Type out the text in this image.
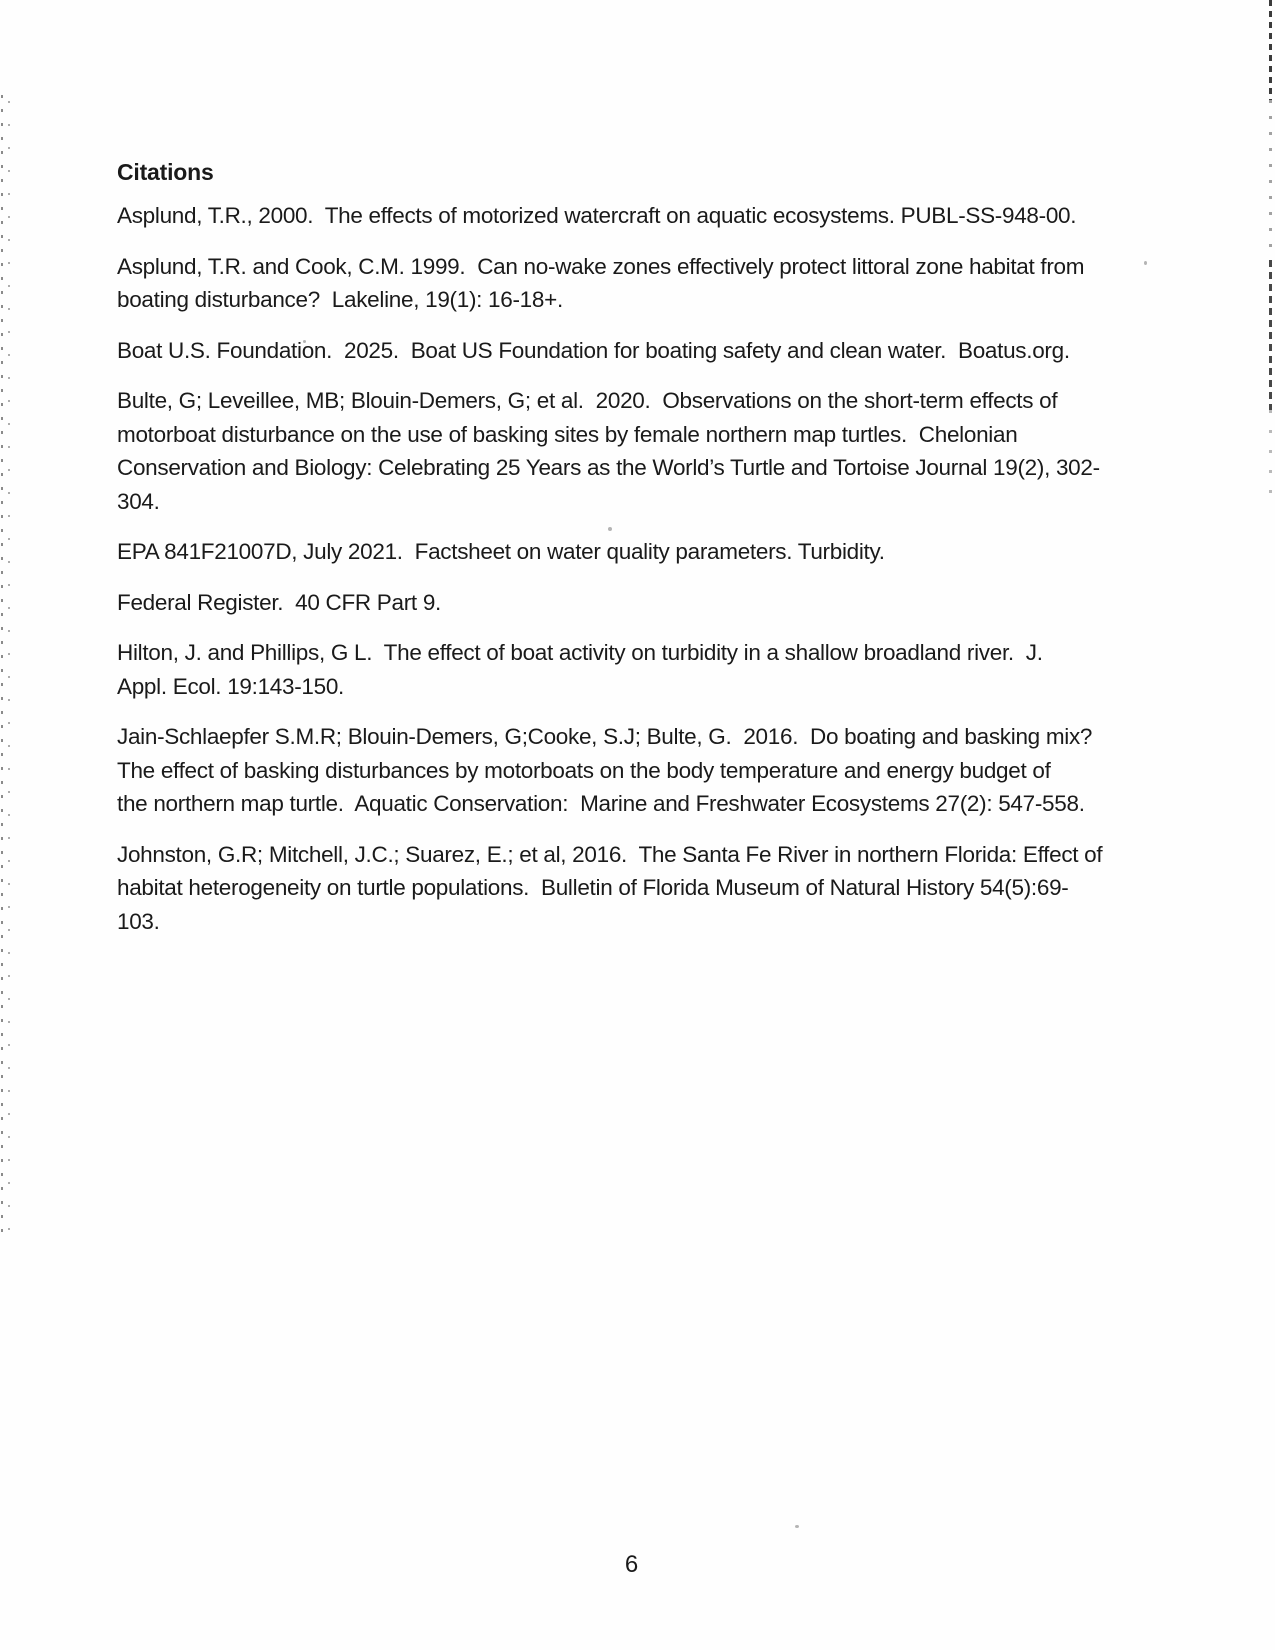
Citations
Asplund, T.R., 2000.  The effects of motorized watercraft on aquatic ecosystems. PUBL-SS-948-00.
Asplund, T.R. and Cook, C.M. 1999.  Can no-wake zones effectively protect littoral zone habitat from
boating disturbance?  Lakeline, 19(1): 16-18+.
Boat U.S. Foundation.  2025.  Boat US Foundation for boating safety and clean water.  Boatus.org.
Bulte, G; Leveillee, MB; Blouin-Demers, G; et al.  2020.  Observations on the short-term effects of
motorboat disturbance on the use of basking sites by female northern map turtles.  Chelonian
Conservation and Biology: Celebrating 25 Years as the World’s Turtle and Tortoise Journal 19(2), 302-
304.
EPA 841F21007D, July 2021.  Factsheet on water quality parameters. Turbidity.
Federal Register.  40 CFR Part 9.
Hilton, J. and Phillips, G L.  The effect of boat activity on turbidity in a shallow broadland river.  J.
Appl. Ecol. 19:143-150.
Jain-Schlaepfer S.M.R; Blouin-Demers, G;Cooke, S.J; Bulte, G.  2016.  Do boating and basking mix?
The effect of basking disturbances by motorboats on the body temperature and energy budget of
the northern map turtle.  Aquatic Conservation:  Marine and Freshwater Ecosystems 27(2): 547-558.
Johnston, G.R; Mitchell, J.C.; Suarez, E.; et al, 2016.  The Santa Fe River in northern Florida: Effect of
habitat heterogeneity on turtle populations.  Bulletin of Florida Museum of Natural History 54(5):69-
103.
6
